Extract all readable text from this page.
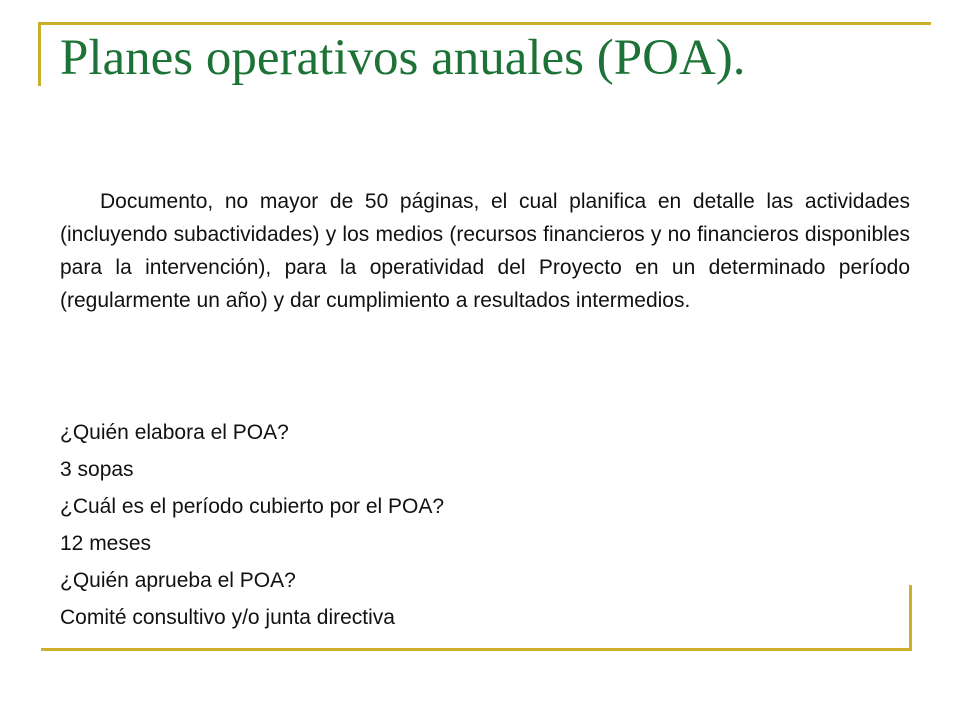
Planes operativos anuales (POA).

Documento, no mayor de 50 páginas, el cual planifica en detalle las actividades (incluyendo subactividades) y los medios (recursos financieros y no financieros disponibles para la intervención), para la operatividad del Proyecto en un determinado período (regularmente un año) y dar cumplimiento a resultados intermedios.

¿Quién elabora el POA?
3 sopas
¿Cuál es el período cubierto por el POA?
12 meses
¿Quién aprueba el POA?
Comité consultivo y/o junta directiva
